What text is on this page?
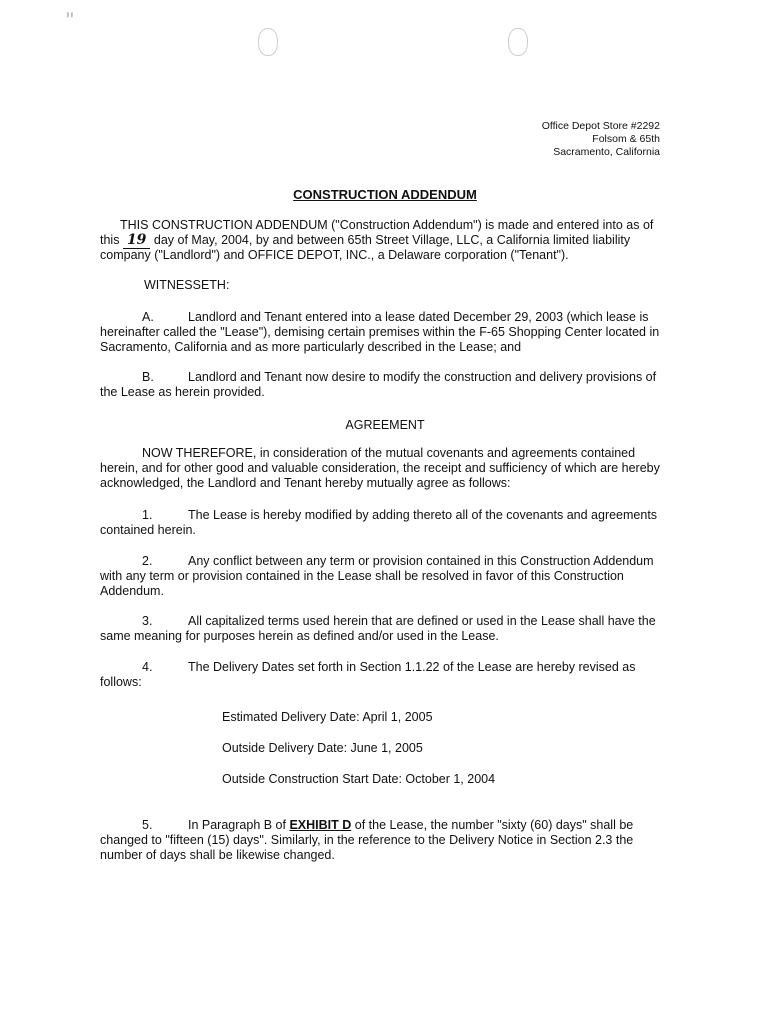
"
Office Depot Store #2292
Folsom & 65th
Sacramento, California
CONSTRUCTION ADDENDUM
THIS CONSTRUCTION ADDENDUM ("Construction Addendum") is made and entered into as of this 19 day of May, 2004, by and between 65th Street Village, LLC, a California limited liability company ("Landlord") and OFFICE DEPOT, INC., a Delaware corporation ("Tenant").
WITNESSETH:
A.	Landlord and Tenant entered into a lease dated December 29, 2003 (which lease is hereinafter called the "Lease"), demising certain premises within the F-65 Shopping Center located in Sacramento, California and as more particularly described in the Lease; and
B.	Landlord and Tenant now desire to modify the construction and delivery provisions of the Lease as herein provided.
AGREEMENT
NOW THEREFORE, in consideration of the mutual covenants and agreements contained herein, and for other good and valuable consideration, the receipt and sufficiency of which are hereby acknowledged, the Landlord and Tenant hereby mutually agree as follows:
1.	The Lease is hereby modified by adding thereto all of the covenants and agreements contained herein.
2.	Any conflict between any term or provision contained in this Construction Addendum with any term or provision contained in the Lease shall be resolved in favor of this Construction Addendum.
3.	All capitalized terms used herein that are defined or used in the Lease shall have the same meaning for purposes herein as defined and/or used in the Lease.
4.	The Delivery Dates set forth in Section 1.1.22 of the Lease are hereby revised as follows:
Estimated Delivery Date: April 1, 2005
Outside Delivery Date: June 1, 2005
Outside Construction Start Date: October 1, 2004
5.	In Paragraph B of EXHIBIT D of the Lease, the number "sixty (60) days" shall be changed to "fifteen (15) days". Similarly, in the reference to the Delivery Notice in Section 2.3 the number of days shall be likewise changed.
